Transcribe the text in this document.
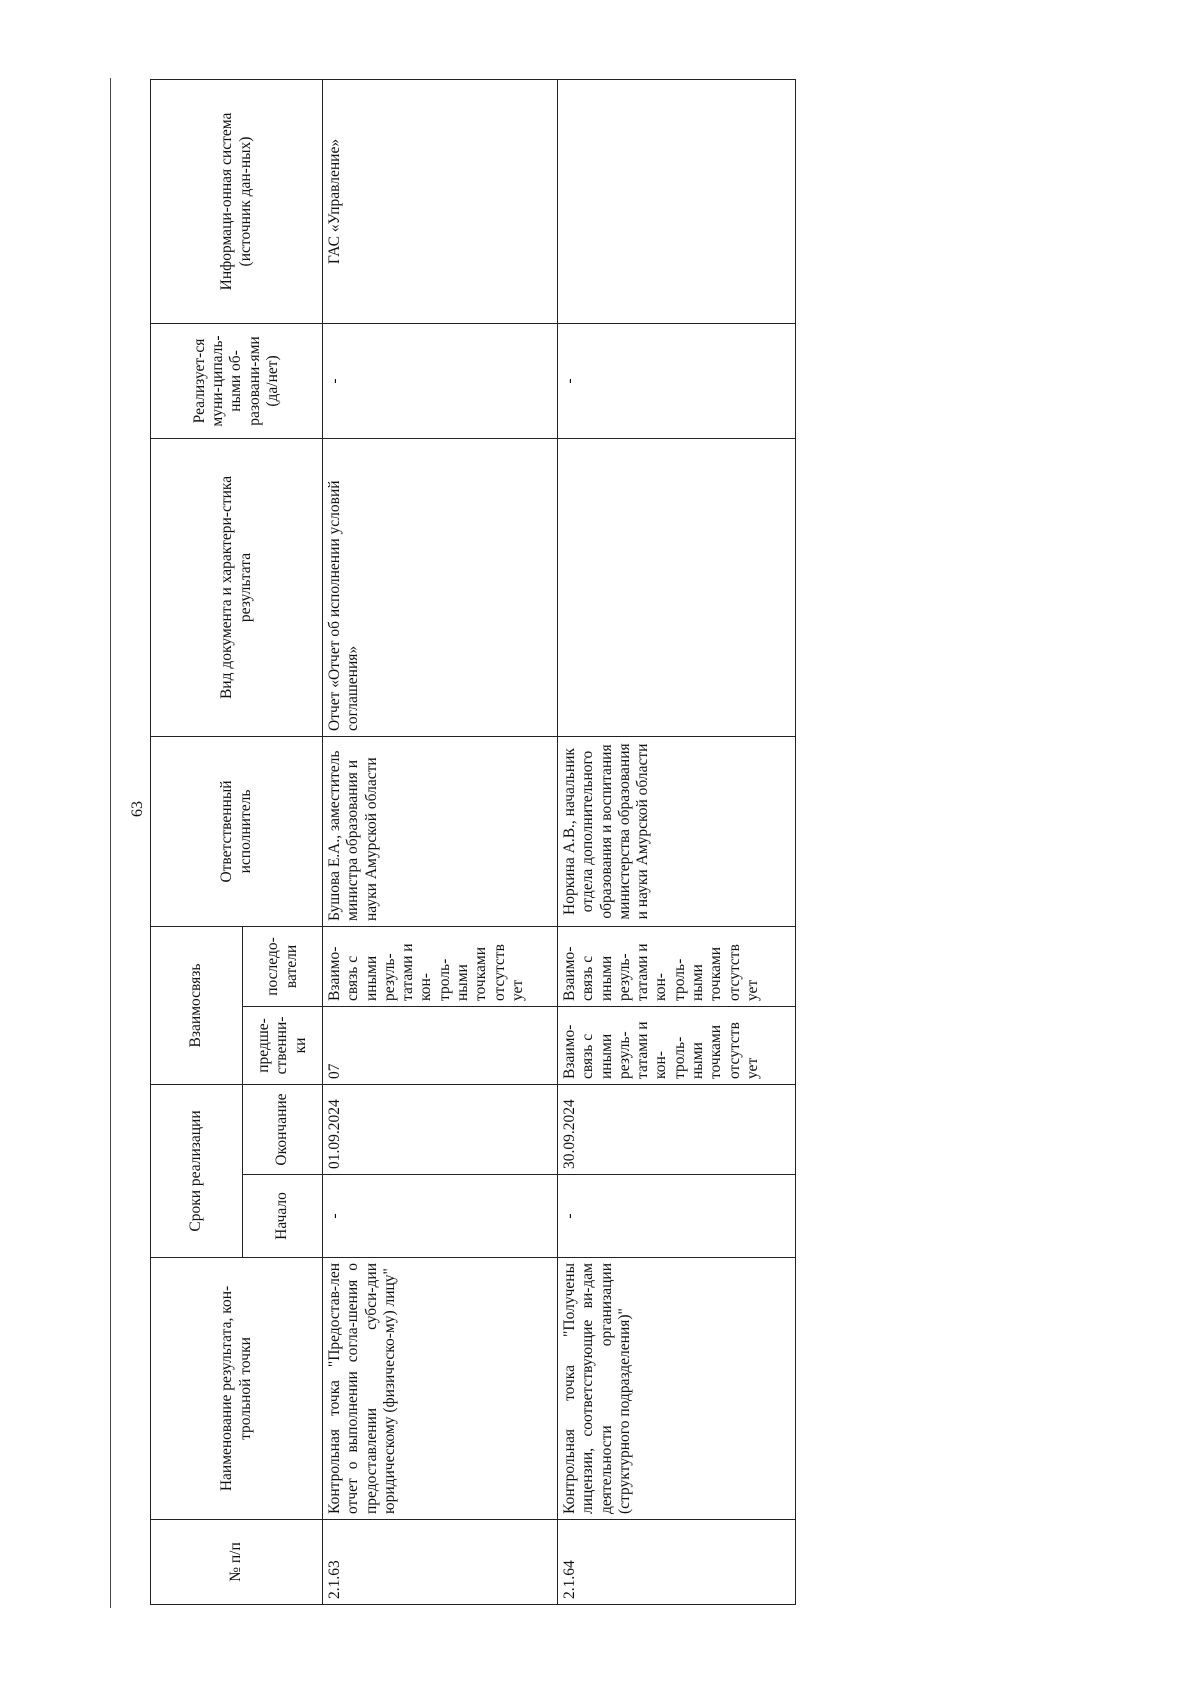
63
№ п/п	Наименование результата, кон-трольной точки	Сроки реализации		Взаимосвязь		Ответственный исполнитель	Вид документа и характери-стика результата	Реализует-ся муни-ципаль-ными об-разовани-ями (да/нет)	Информаци-онная система (источник дан-ных)
		Начало	Окончание	предше-ственни-ки	последо-ватели				
2.1.63	Контрольная точка "Предостав-лен отчет о выполнении согла-шения о предоставлении субси-дии юридическому (физическо-му) лицу"	-	01.09.2024	07	Взаимо-связь с иными резуль-татами и кон-троль-ными точками отсутств ует	Бушова Е.А., заместитель министра образования и науки Амурской области	Отчет «Отчет об исполнении условий соглашения»	-	ГАС «Управление»
2.1.64	Контрольная точка "Получены лицензии, соответствующие ви-дам деятельности организации (структурного подразделения)"	-	30.09.2024	Взаимо-связь с иными резуль-татами и кон-троль-ными точками отсутств ует	Взаимо-связь с иными резуль-татами и кон-троль-ными точками отсутств ует	Норкина А.В., начальник отдела дополнительного образования и воспитания министерства образования и науки Амурской области		-	
